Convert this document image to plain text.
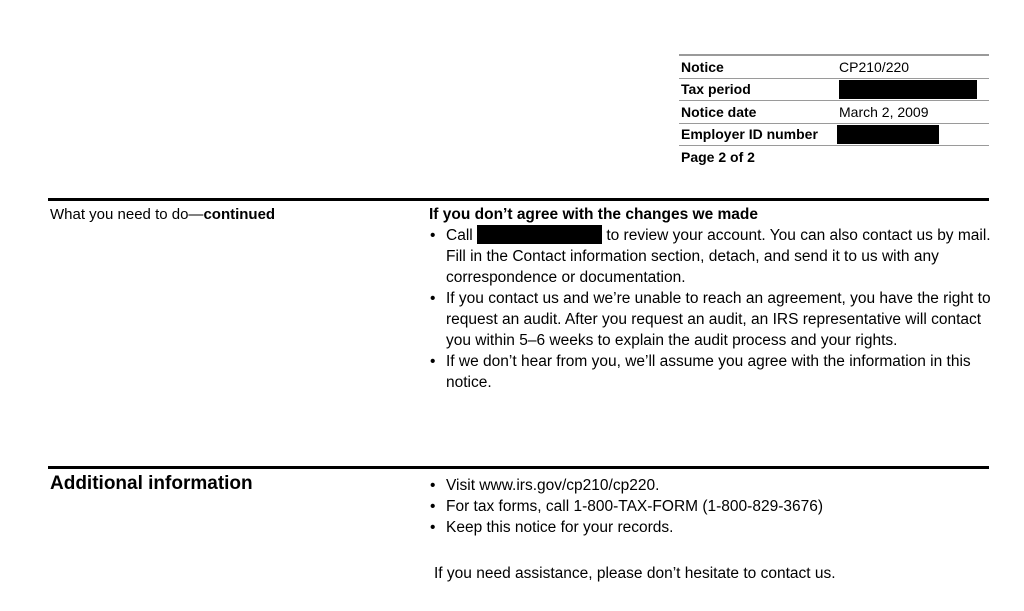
Notice	CP210/220
Tax period
Notice date	March 2, 2009
Employer ID number
Page 2 of 2
What you need to do—continued	If you don’t agree with the changes we made
• Call	to review your account. You can also contact us by mail. Fill in the Contact information section, detach, and send it to us with any correspondence or documentation.
• If you contact us and we’re unable to reach an agreement, you have the right to request an audit. After you request an audit, an IRS representative will contact you within 5–6 weeks to explain the audit process and your rights.
• If we don’t hear from you, we’ll assume you agree with the information in this notice.
Additional information
•	Visit www.irs.gov/cp210/cp220.
• For tax forms, call 1-800-TAX-FORM (1-800-829-3676)
• Keep this notice for your records.
If you need assistance, please don’t hesitate to contact us.
